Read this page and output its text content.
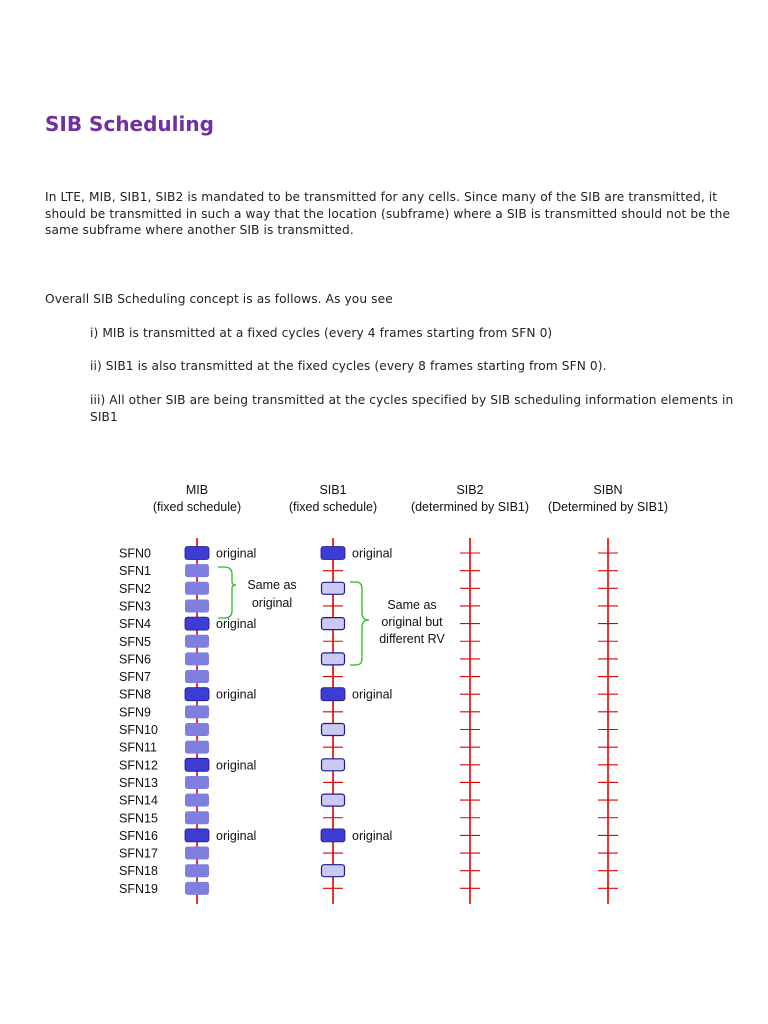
SIB Scheduling

In LTE, MIB, SIB1, SIB2 is mandated to be transmitted for any cells. Since many of the SIB are transmitted, it should be transmitted in such a way that the location (subframe) where a SIB is transmitted should not be the same subframe where another SIB is transmitted.

Overall SIB Scheduling concept is as follows. As you see

i) MIB is transmitted at a fixed cycles (every 4 frames starting from SFN 0)

ii) SIB1 is also transmitted at the fixed cycles (every 8 frames starting from SFN 0).

iii) All other SIB are being transmitted at the cycles specified by SIB scheduling information elements in SIB1

MIB
(fixed schedule)
SIB1
(fixed schedule)
SIB2
(determined by SIB1)
SIBN
(Determined by SIB1)
SFN0
SFN1
SFN2
SFN3
SFN4
SFN5
SFN6
SFN7
SFN8
SFN9
SFN10
SFN11
SFN12
SFN13
SFN14
SFN15
SFN16
SFN17
SFN18
SFN19
original
original
original
original
original
original
original
original
Same as
original	Same as
original but
different RV
